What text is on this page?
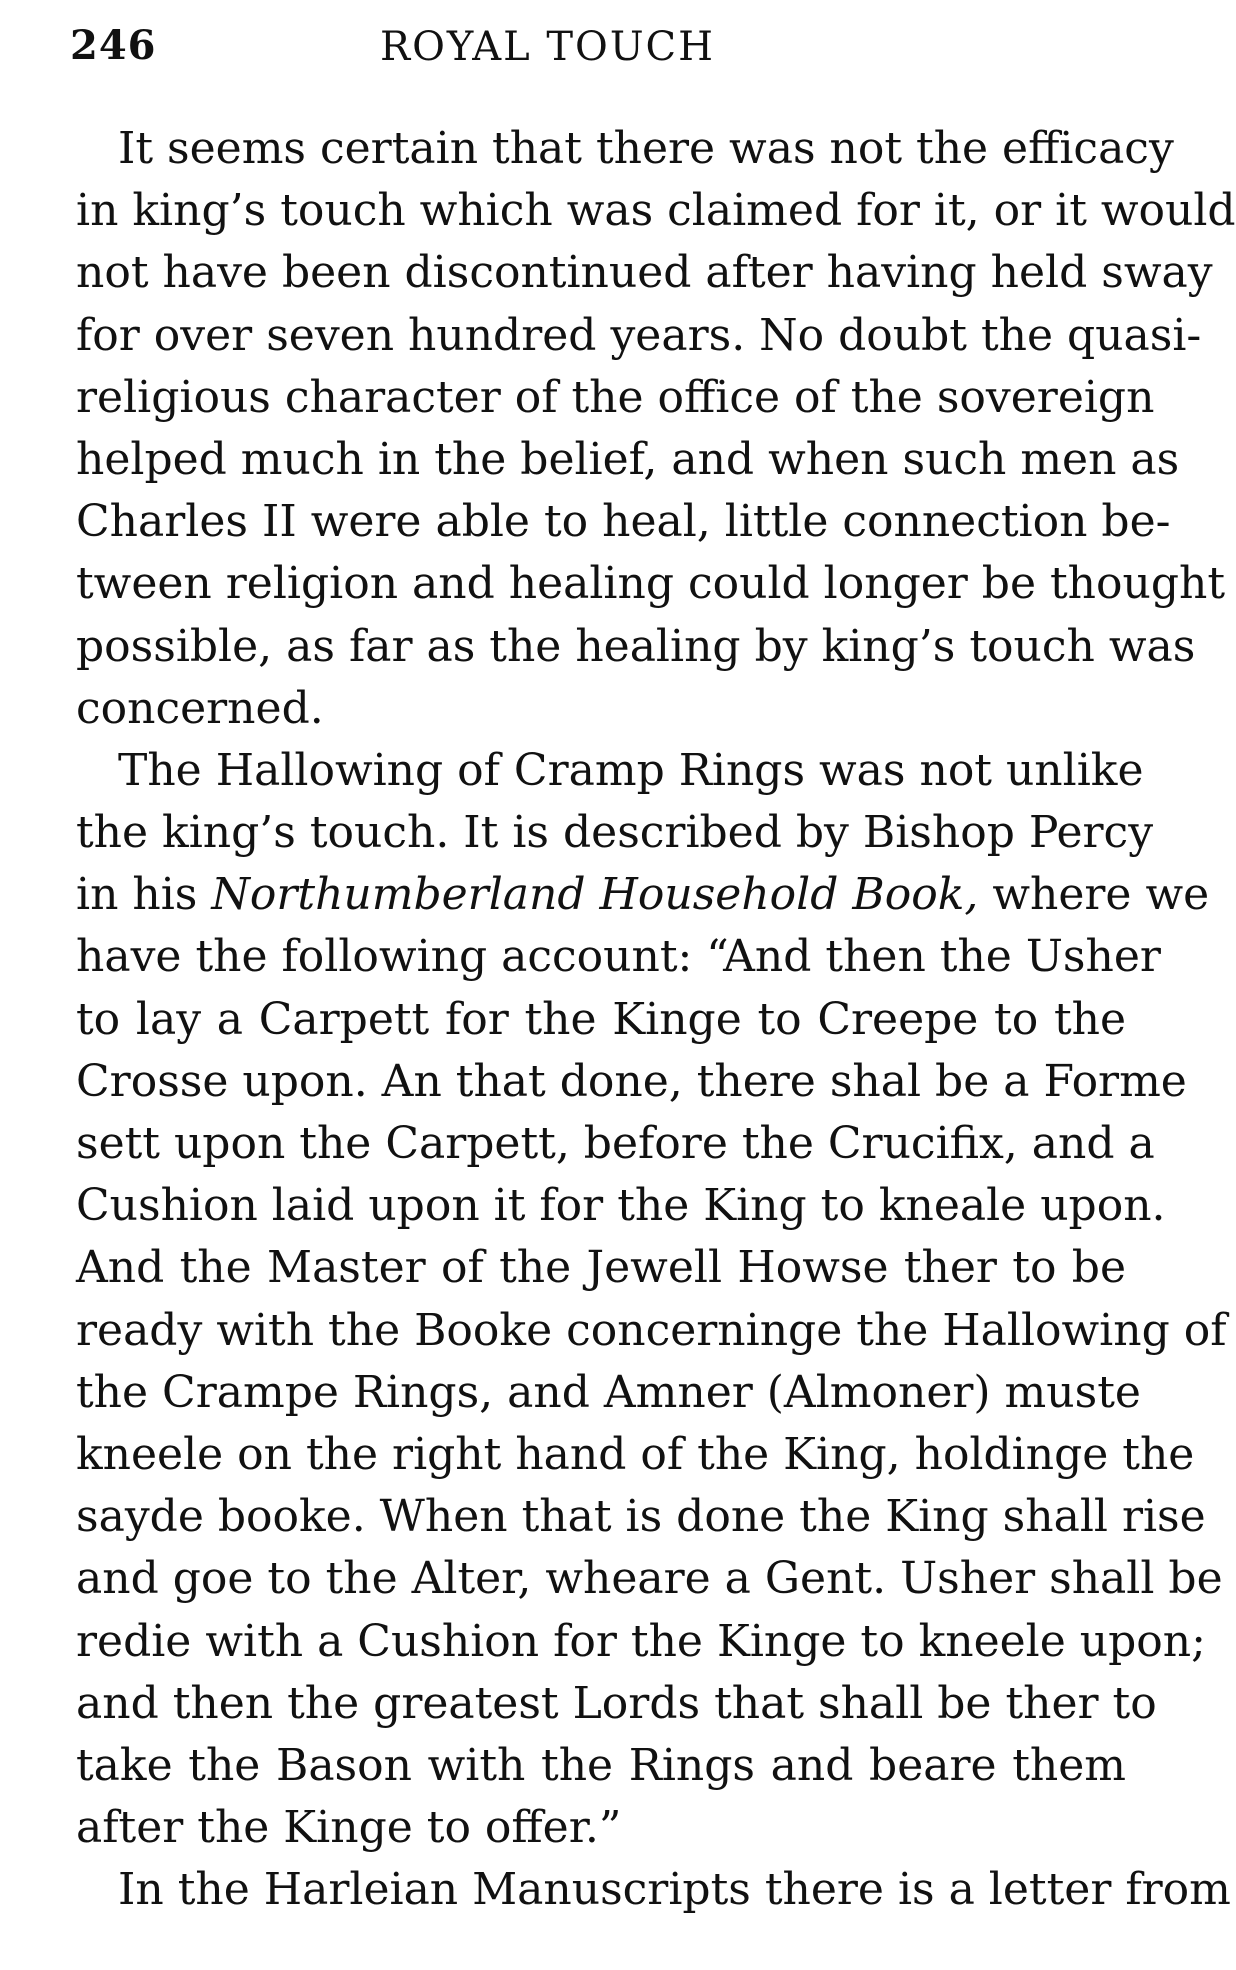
246	ROYAL TOUCH
It seems certain that there was not the efficacy
in king’s touch which was claimed for it, or it would
not have been discontinued after having held sway
for over seven hundred years. No doubt the quasi-
religious character of the office of the sovereign
helped much in the belief, and when such men as
Charles II were able to heal, little connection be-
tween religion and healing could longer be thought
possible, as far as the healing by king’s touch was
concerned.
The Hallowing of Cramp Rings was not unlike
the king’s touch. It is described by Bishop Percy
in his Northumberland Household Book, where we
have the following account: “And then the Usher
to lay a Carpett for the Kinge to Creepe to the
Crosse upon. An that done, there shal be a Forme
sett upon the Carpett, before the Crucifix, and a
Cushion laid upon it for the King to kneale upon.
And the Master of the Jewell Howse ther to be
ready with the Booke concerninge the Hallowing of
the Crampe Rings, and Amner (Almoner) muste
kneele on the right hand of the King, holdinge the
sayde booke. When that is done the King shall rise
and goe to the Alter, wheare a Gent. Usher shall be
redie with a Cushion for the Kinge to kneele upon;
and then the greatest Lords that shall be ther to
take the Bason with the Rings and beare them
after the Kinge to offer.”
In the Harleian Manuscripts there is a letter from
